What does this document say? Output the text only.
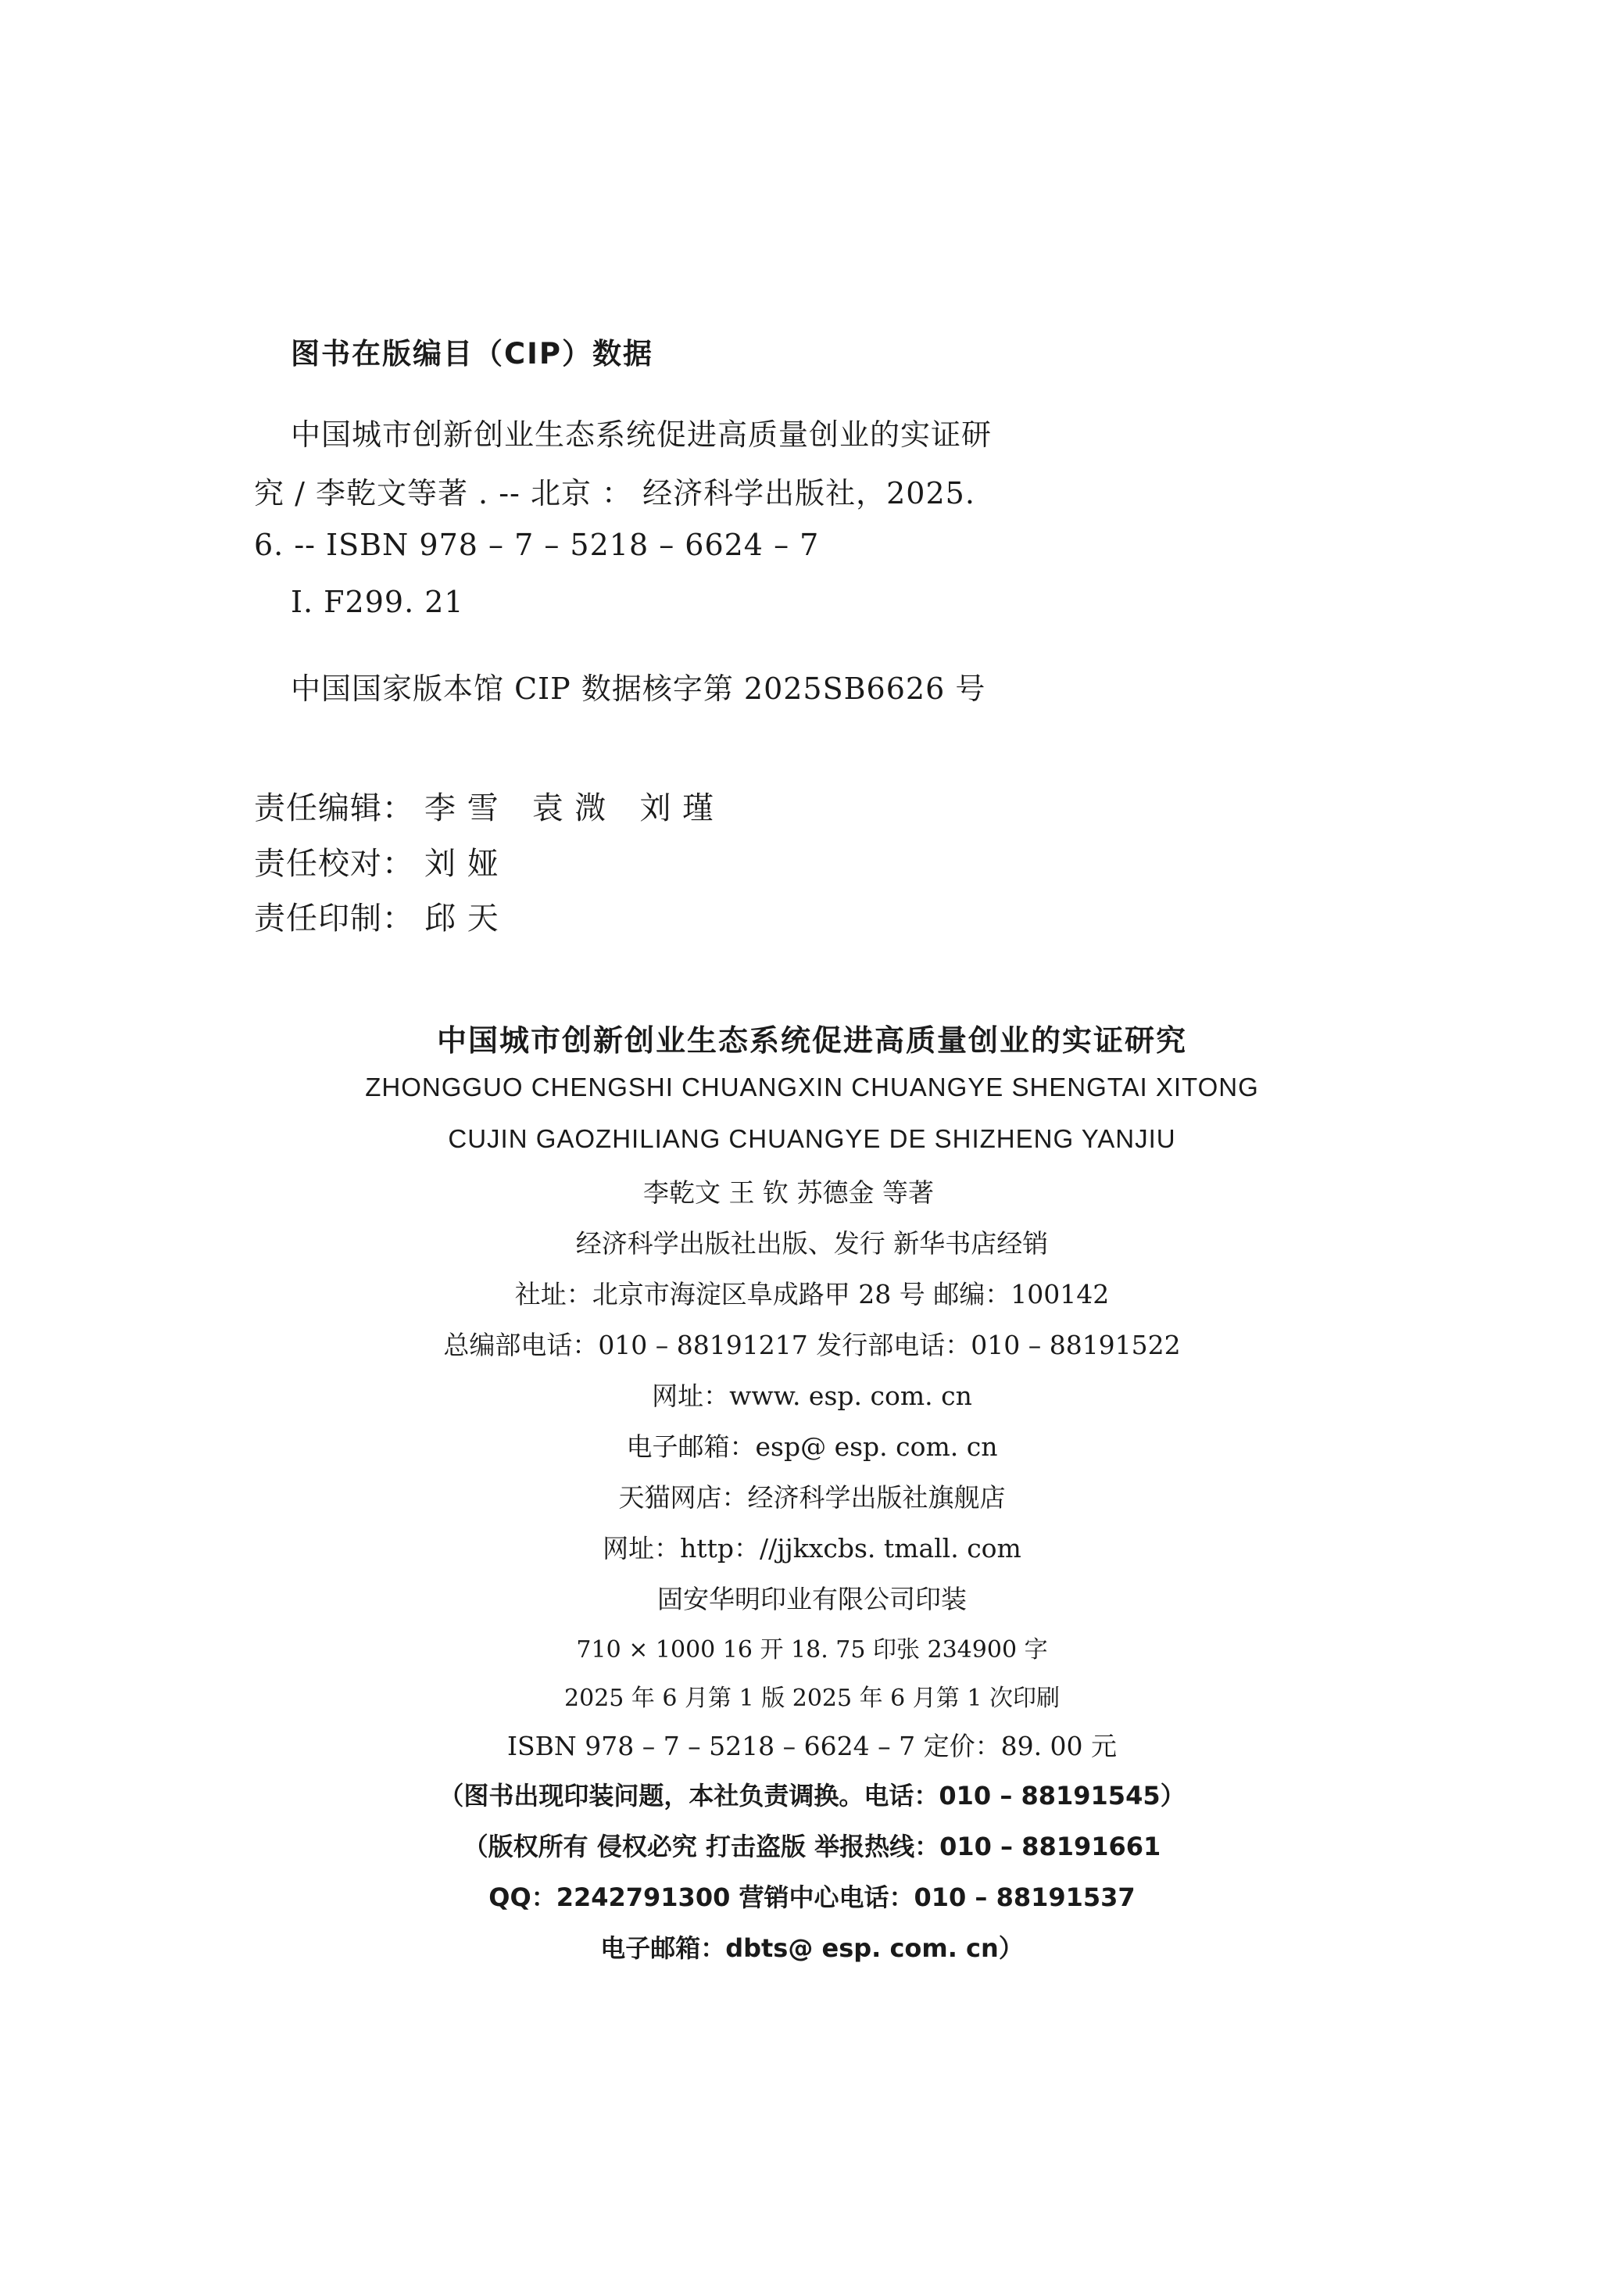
图书在版编目（CIP）数据
中国城市创新创业生态系统促进高质量创业的实证研
究 / 李乾文等著 . -- 北京 ： 经济科学出版社，2025.
6. -- ISBN 978 – 7 – 5218 – 6624 – 7
Ⅰ. F299. 21
中国国家版本馆 CIP 数据核字第 2025SB6626 号
责任编辑： 李 雪 袁 溦 刘 瑾
责任校对： 刘 娅
责任印制： 邱 天
中国城市创新创业生态系统促进高质量创业的实证研究
ZHONGGUO CHENGSHI CHUANGXIN CHUANGYE SHENGTAI XITONG
CUJIN GAOZHILIANG CHUANGYE DE SHIZHENG YANJIU
李乾文 王 钦 苏德金 等著
经济科学出版社出版、发行 新华书店经销
社址：北京市海淀区阜成路甲 28 号 邮编：100142
总编部电话：010 – 88191217 发行部电话：010 – 88191522
网址：www. esp. com. cn
电子邮箱：esp@ esp. com. cn
天猫网店：经济科学出版社旗舰店
网址：http：//jjkxcbs. tmall. com
固安华明印业有限公司印装
710 × 1000 16 开 18. 75 印张 234900 字
2025 年 6 月第 1 版 2025 年 6 月第 1 次印刷
ISBN 978 – 7 – 5218 – 6624 – 7 定价：89. 00 元
（图书出现印装问题，本社负责调换。电话：010 – 88191545）
（版权所有 侵权必究 打击盗版 举报热线：010 – 88191661
QQ：2242791300 营销中心电话：010 – 88191537
电子邮箱：dbts@ esp. com. cn）
